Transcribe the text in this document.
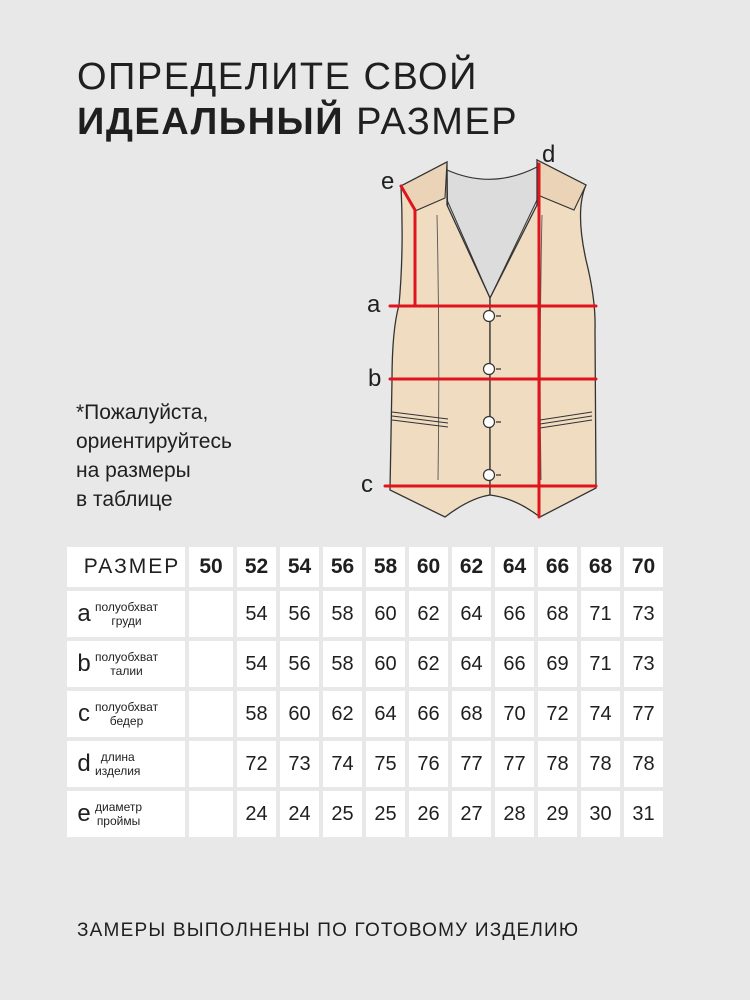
ОПРЕДЕЛИТЕ СВОЙ
ИДЕАЛЬНЫЙ РАЗМЕР
e
d
a
b
c
*Пожалуйста,
ориентируйтесь
на размеры
в таблице
РАЗМЕР	50	52	54	56	58	60	62	64	66	68	70

a полуобхват
груди		54	56	58	60	62	64	66	68	71	73

b полуобхват
талии		54	56	58	60	62	64	66	69	71	73

c полуобхват
бедер		58	60	62	64	66	68	70	72	74	77

d длина
изделия		72	73	74	75	76	77	77	78	78	78

e диаметр
проймы		24	24	25	25	26	27	28	29	30	31
ЗАМЕРЫ ВЫПОЛНЕНЫ ПО ГОТОВОМУ ИЗДЕЛИЮ
